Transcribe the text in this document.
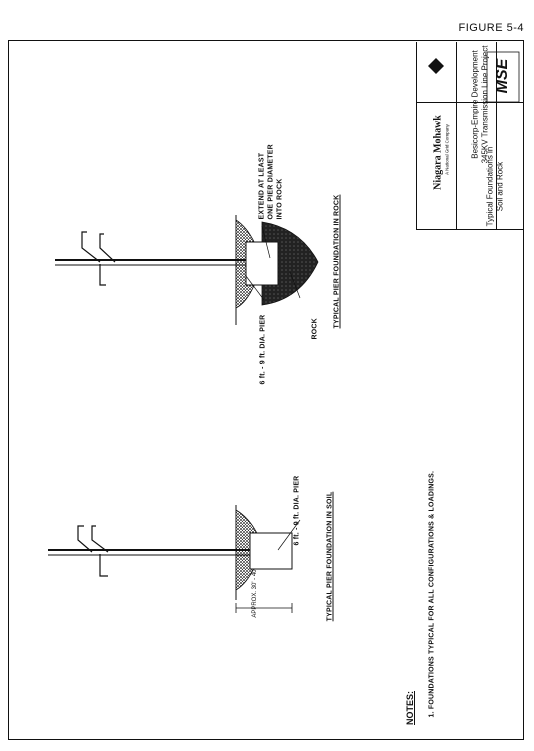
FIGURE 5-4
Niagara Mohawk A National Grid Company	Besicorp-Empire Development 345KV Transmission Line Project
Typical Foundations in Soil and Rock
MSE
6 ft. - 9 ft. DIA. PIER	ROCK
EXTEND AT LEAST ONE PIER DIAMETER INTO ROCK	TYPICAL PIER FOUNDATION IN ROCK
6 ft. - 9 ft. DIA. PIER
APPROX. 30' - 40'	TYPICAL PIER FOUNDATION IN SOIL
NOTES: 1. FOUNDATIONS TYPICAL FOR ALL CONFIGURATIONS & LOADINGS.
